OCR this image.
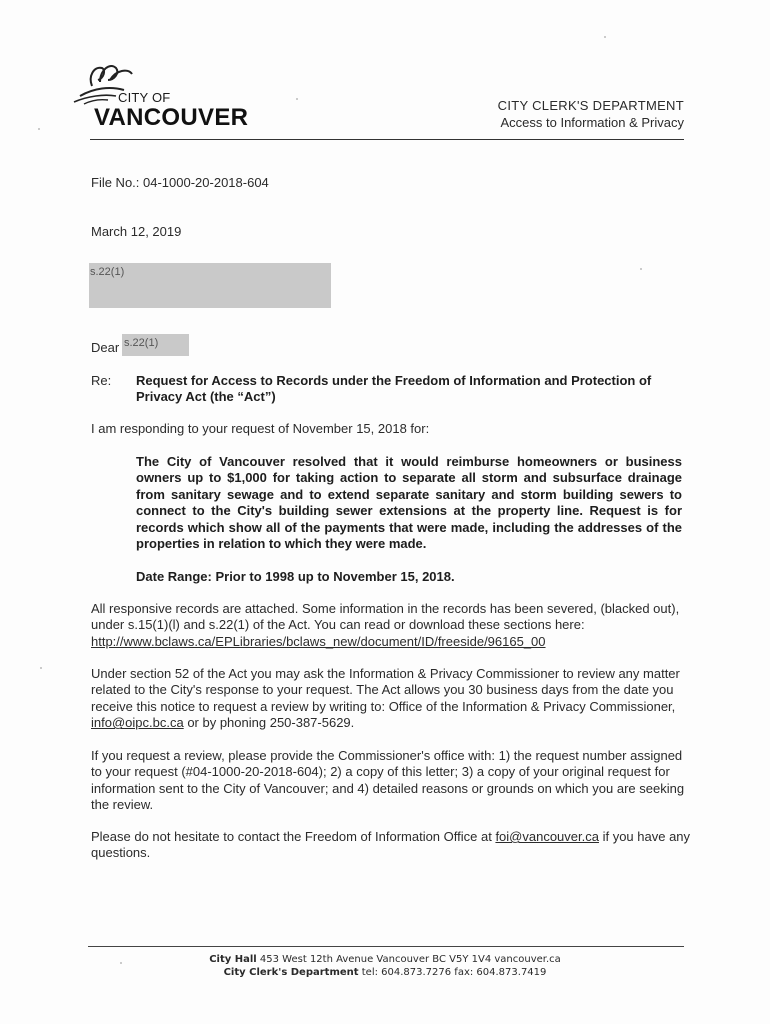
CITY OF
VANCOUVER	CITY CLERK'S DEPARTMENT
Access to Information & Privacy
File No.: 04-1000-20-2018-604
March 12, 2019
s.22(1)
Dear s.22(1)
Re: Request for Access to Records under the Freedom of Information and Protection of Privacy Act (the “Act”)
I am responding to your request of November 15, 2018 for:
The City of Vancouver resolved that it would reimburse homeowners or business owners up to $1,000 for taking action to separate all storm and subsurface drainage from sanitary sewage and to extend separate sanitary and storm building sewers to connect to the City's building sewer extensions at the property line. Request is for records which show all of the payments that were made, including the addresses of the properties in relation to which they were made.
Date Range: Prior to 1998 up to November 15, 2018.
All responsive records are attached. Some information in the records has been severed, (blacked out), under s.15(1)(l) and s.22(1) of the Act. You can read or download these sections here: http://www.bclaws.ca/EPLibraries/bclaws_new/document/ID/freeside/96165_00
Under section 52 of the Act you may ask the Information & Privacy Commissioner to review any matter related to the City's response to your request. The Act allows you 30 business days from the date you receive this notice to request a review by writing to: Office of the Information & Privacy Commissioner, info@oipc.bc.ca or by phoning 250-387-5629.
If you request a review, please provide the Commissioner's office with: 1) the request number assigned to your request (#04-1000-20-2018-604); 2) a copy of this letter; 3) a copy of your original request for information sent to the City of Vancouver; and 4) detailed reasons or grounds on which you are seeking the review.
Please do not hesitate to contact the Freedom of Information Office at foi@vancouver.ca if you have any questions.
City Hall 453 West 12th Avenue Vancouver BC V5Y 1V4 vancouver.ca
City Clerk's Department tel: 604.873.7276 fax: 604.873.7419
